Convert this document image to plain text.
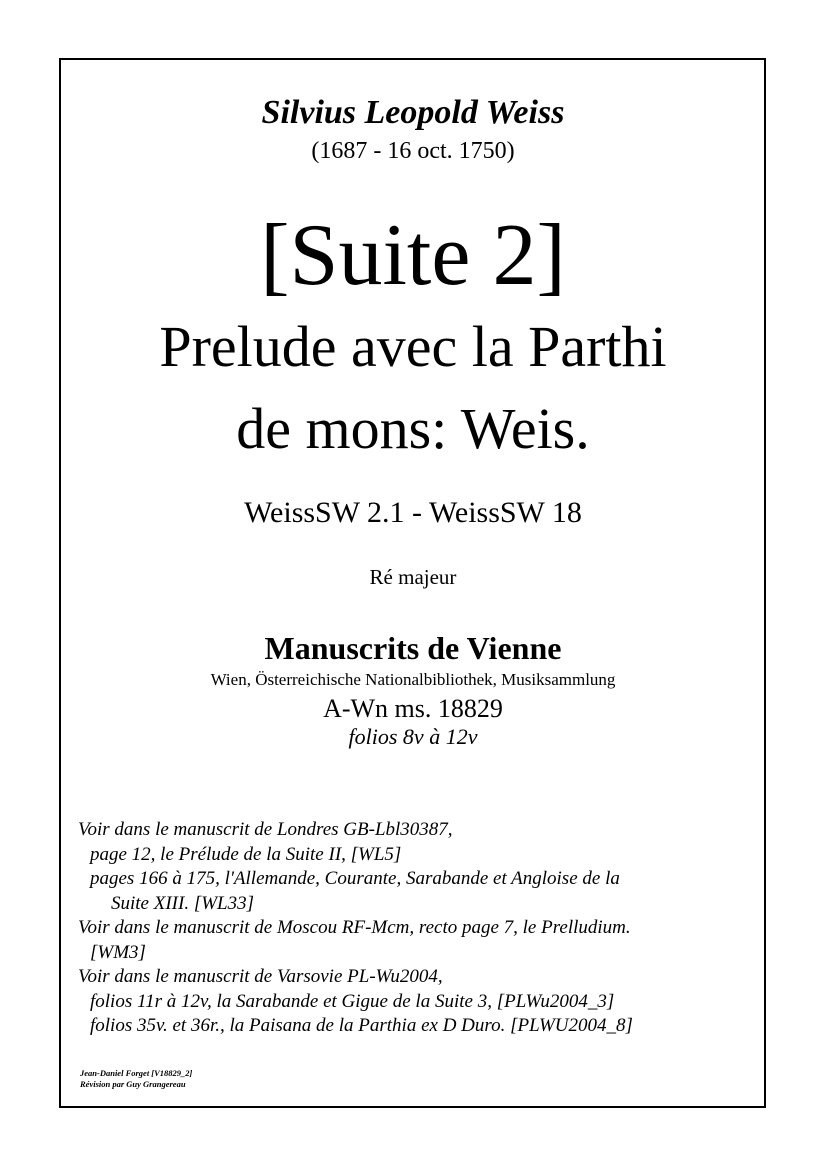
Silvius Leopold Weiss
(1687 - 16 oct. 1750)
[Suite 2]
Prelude avec la Parthi
de mons: Weis.
WeissSW 2.1 - WeissSW 18
Ré majeur
Manuscrits de Vienne
Wien, Österreichische Nationalbibliothek, Musiksammlung
A-Wn ms. 18829
folios 8v à 12v
Voir dans le manuscrit de Londres GB-Lbl30387,
page 12, le Prélude de la Suite II, [WL5]
pages 166 à 175, l'Allemande, Courante, Sarabande et Angloise de la
Suite XIII. [WL33]
Voir dans le manuscrit de Moscou RF-Mcm, recto page 7, le Prelludium.
[WM3]
Voir dans le manuscrit de Varsovie PL-Wu2004,
folios 11r à 12v, la Sarabande et Gigue de la Suite 3, [PLWu2004_3]
folios 35v. et 36r., la Paisana de la Parthia ex D Duro. [PLWU2004_8]
Jean-Daniel Forget [V18829_2]
Révision par Guy Grangereau
